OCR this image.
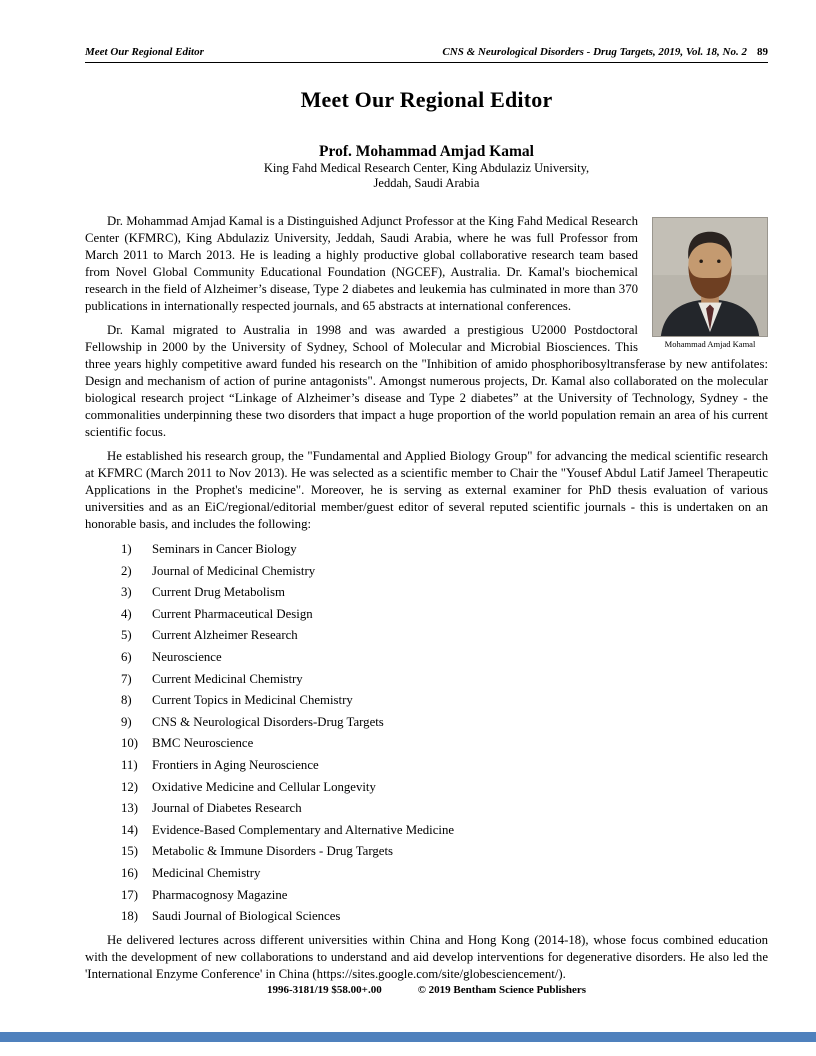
Meet Our Regional Editor	CNS & Neurological Disorders - Drug Targets, 2019, Vol. 18, No. 2 89
Meet Our Regional Editor
Prof. Mohammad Amjad Kamal
King Fahd Medical Research Center, King Abdulaziz University,
Jeddah, Saudi Arabia
Mohammad Amjad Kamal

Dr. Mohammad Amjad Kamal is a Distinguished Adjunct Professor at the King Fahd Medical Research Center (KFMRC), King Abdulaziz University, Jeddah, Saudi Arabia, where he was full Professor from March 2011 to March 2013. He is leading a highly productive global collaborative research team based from Novel Global Community Educational Foundation (NGCEF), Australia. Dr. Kamal's biochemical research in the field of Alzheimer’s disease, Type 2 diabetes and leukemia has culminated in more than 370 publications in internationally respected journals, and 65 abstracts at international conferences.

Dr. Kamal migrated to Australia in 1998 and was awarded a prestigious U2000 Postdoctoral Fellowship in 2000 by the University of Sydney, School of Molecular and Microbial Biosciences. This three years highly competitive award funded his research on the "Inhibition of amido phosphoribosyltransferase by new antifolates: Design and mechanism of action of purine antagonists". Amongst numerous projects, Dr. Kamal also collaborated on the molecular biological research project “Linkage of Alzheimer’s disease and Type 2 diabetes” at the University of Technology, Sydney - the commonalities underpinning these two disorders that impact a huge proportion of the world population remain an area of his current scientific focus.

He established his research group, the "Fundamental and Applied Biology Group" for advancing the medical scientific research at KFMRC (March 2011 to Nov 2013). He was selected as a scientific member to Chair the "Yousef Abdul Latif Jameel Therapeutic Applications in the Prophet's medicine". Moreover, he is serving as external examiner for PhD thesis evaluation of various universities and as an EiC/regional/editorial member/guest editor of several reputed scientific journals - this is undertaken on an honorable basis, and includes the following:

1)	Seminars in Cancer Biology
2)	Journal of Medicinal Chemistry
3)	Current Drug Metabolism
4)	Current Pharmaceutical Design
5)	Current Alzheimer Research
6)	Neuroscience
7)	Current Medicinal Chemistry
8)	Current Topics in Medicinal Chemistry
9)	CNS & Neurological Disorders-Drug Targets
10)	BMC Neuroscience
11)	Frontiers in Aging Neuroscience
12)	Oxidative Medicine and Cellular Longevity
13)	Journal of Diabetes Research
14)	Evidence-Based Complementary and Alternative Medicine
15)	Metabolic & Immune Disorders - Drug Targets
16)	Medicinal Chemistry
17)	Pharmacognosy Magazine
18)	Saudi Journal of Biological Sciences

He delivered lectures across different universities within China and Hong Kong (2014-18), whose focus combined education with the development of new collaborations to understand and aid develop interventions for degenerative disorders. He also led the 'International Enzyme Conference' in China (https://sites.google.com/site/globesciencement/).

1996-3181/19 $58.00+.00	© 2019 Bentham Science Publishers
